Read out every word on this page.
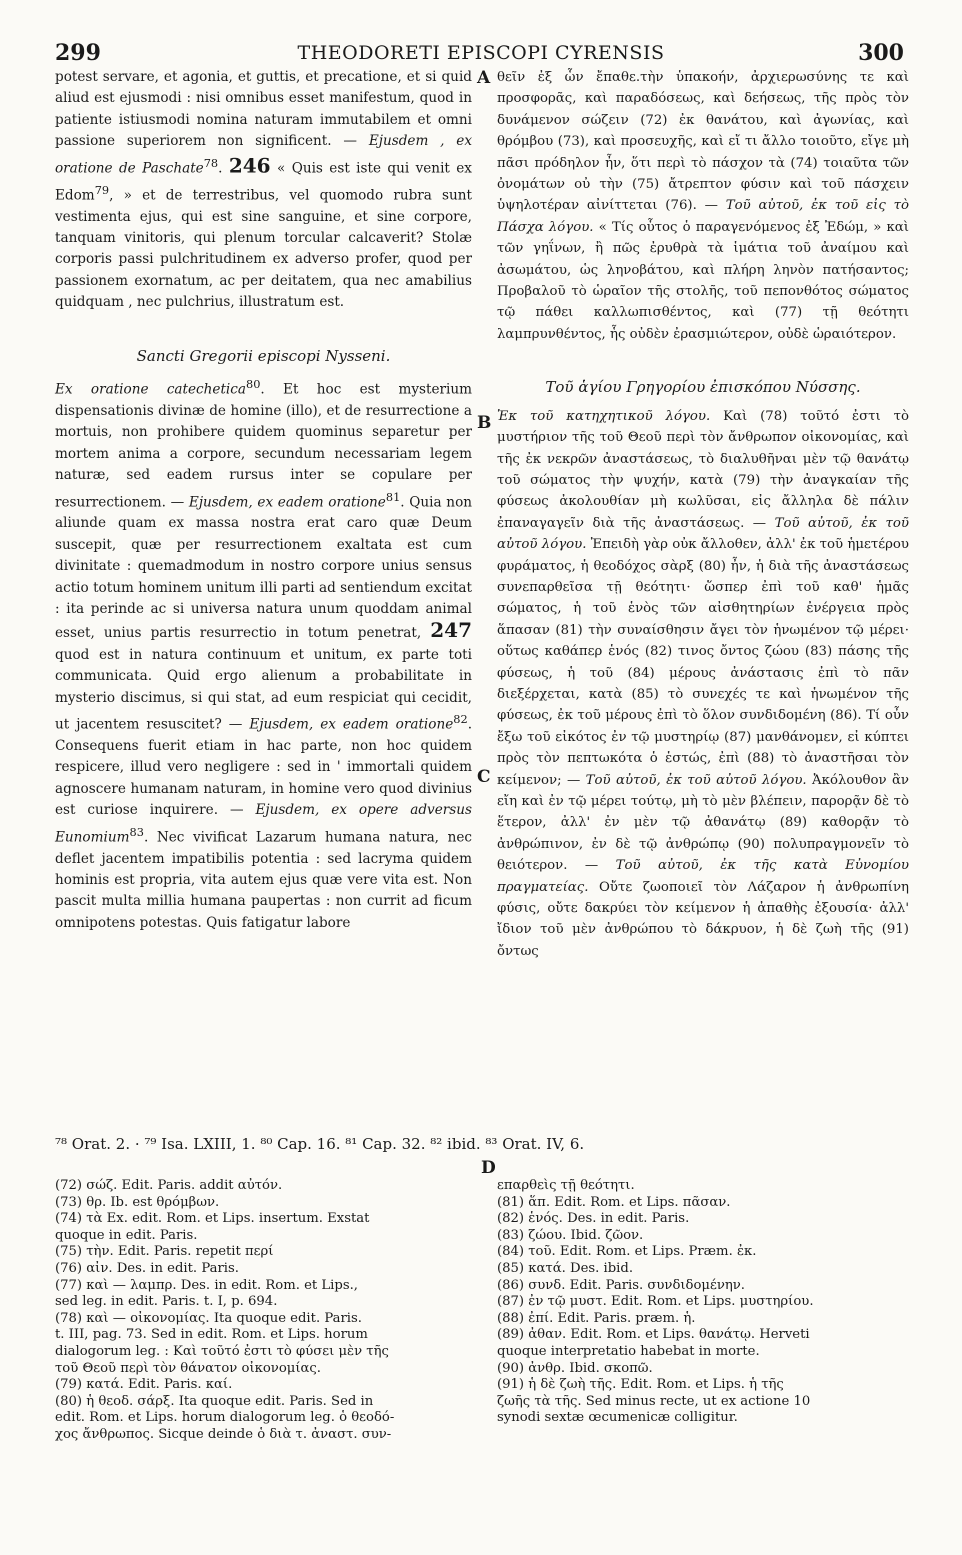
299	THEODORETI EPISCOPI CYRENSIS	300
A
B
C
D

potest servare, et agonia, et guttis, et precatione, et si quid aliud est ejusmodi : nisi omnibus esset manifestum, quod in patiente istiusmodi nomina naturam immutabilem et omni passione superiorem non significent. — Ejusdem , ex oratione de Paschate$^{78}$. 246 « Quis est iste qui venit ex Edom$^{79}$, » et de terrestribus, vel quomodo rubra sunt vestimenta ejus, qui est sine sanguine, et sine corpore, tanquam vinitoris, qui plenum torcular calcaverit? Stolæ corporis passi pulchritudinem ex adverso profer, quod per passionem exornatum, ac per deitatem, qua nec amabilius quidquam , nec pulchrius, illustratum est.

Sancti Gregorii episcopi Nysseni.

Ex oratione catechetica$^{80}$. Et hoc est mysterium dispensationis divinæ de homine (illo), et de resurrectione a mortuis, non prohibere quidem quominus separetur per mortem anima a corpore, secundum necessariam legem naturæ, sed eadem rursus inter se copulare per resurrectionem. — Ejusdem, ex eadem oratione$^{81}$. Quia non aliunde quam ex massa nostra erat caro quæ Deum suscepit, quæ per resurrectionem exaltata est cum divinitate : quemadmodum in nostro corpore unius sensus actio totum hominem unitum illi parti ad sentiendum excitat : ita perinde ac si universa natura unum quoddam animal esset, unius partis resurrectio in totum penetrat, 247 quod est in natura continuum et unitum, ex parte toti communicata. Quid ergo alienum a probabilitate in mysterio discimus, si qui stat, ad eum respiciat qui cecidit, ut jacentem resuscitet? — Ejusdem, ex eadem oratione$^{82}$. Consequens fuerit etiam in hac parte, non hoc quidem respicere, illud vero negligere : sed in ' immortali quidem agnoscere humanam naturam, in homine vero quod divinius est curiose inquirere. — Ejusdem, ex opere adversus Eunomium$^{83}$. Nec vivificat Lazarum humana natura, nec deflet jacentem impatibilis potentia : sed lacryma quidem hominis est propria, vita autem ejus quæ vere vita est. Non pascit multa millia humana paupertas : non currit ad ficum omnipotens potestas. Quis fatigatur labore

θεῖν ἐξ ὧν ἔπαθε.τὴν ὑπακοήν, ἀρχιερωσύνης τε καὶ προσφορᾶς, καὶ παραδόσεως, καὶ δεήσεως, τῆς πρὸς τὸν δυνάμενον σώζειν (72) ἐκ θανάτου, καὶ ἀγωνίας, καὶ θρόμβου (73), καὶ προσευχῆς, καὶ εἴ τι ἄλλο τοιοῦτο, εἴγε μὴ πᾶσι πρόδηλον ἦν, ὅτι περὶ τὸ πάσχον τὰ (74) τοιαῦτα τῶν ὀνομάτων οὐ τὴν (75) ἄτρεπτον φύσιν καὶ τοῦ πάσχειν ὑψηλοτέραν αἰνίττεται (76). — Τοῦ αὐτοῦ, ἐκ τοῦ εἰς τὸ Πάσχα λόγου. « Τίς οὗτος ὁ παραγενόμενος ἐξ Ἐδώμ, » καὶ τῶν γηΐνων, ἢ πῶς ἐρυθρὰ τὰ ἱμάτια τοῦ ἀναίμου καὶ ἀσωμάτου, ὡς ληνοβάτου, καὶ πλήρη ληνὸν πατήσαντος; Προβαλοῦ τὸ ὡραῖον τῆς στολῆς, τοῦ πεπονθότος σώματος τῷ πάθει καλλωπισθέντος, καὶ (77) τῇ θεότητι λαμπρυνθέντος, ἧς οὐδὲν ἐρασμιώτερον, οὐδὲ ὡραιότερον.

Τοῦ ἁγίου Γρηγορίου ἐπισκόπου Νύσσης.

Ἐκ τοῦ κατηχητικοῦ λόγου. Καὶ (78) τοῦτό ἐστι τὸ μυστήριον τῆς τοῦ Θεοῦ περὶ τὸν ἄνθρωπον οἰκονομίας, καὶ τῆς ἐκ νεκρῶν ἀναστάσεως, τὸ διαλυθῆναι μὲν τῷ θανάτῳ τοῦ σώματος τὴν ψυχήν, κατὰ (79) τὴν ἀναγκαίαν τῆς φύσεως ἀκολουθίαν μὴ κωλῦσαι, εἰς ἄλληλα δὲ πάλιν ἐπαναγαγεῖν διὰ τῆς ἀναστάσεως. — Τοῦ αὐτοῦ, ἐκ τοῦ αὐτοῦ λόγου. Ἐπειδὴ γὰρ οὐκ ἄλλοθεν, ἀλλ' ἐκ τοῦ ἡμετέρου φυράματος, ἡ θεοδόχος σὰρξ (80) ἦν, ἡ διὰ τῆς ἀναστάσεως συνεπαρθεῖσα τῇ θεότητι· ὥσπερ ἐπὶ τοῦ καθ' ἡμᾶς σώματος, ἡ τοῦ ἑνὸς τῶν αἰσθητηρίων ἐνέργεια πρὸς ἅπασαν (81) τὴν συναίσθησιν ἄγει τὸν ἡνωμένον τῷ μέρει· οὕτως καθάπερ ἑνός (82) τινος ὄντος ζώου (83) πάσης τῆς φύσεως, ἡ τοῦ (84) μέρους ἀνάστασις ἐπὶ τὸ πᾶν διεξέρχεται, κατὰ (85) τὸ συνεχές τε καὶ ἡνωμένον τῆς φύσεως, ἐκ τοῦ μέρους ἐπὶ τὸ ὅλον συνδιδομένη (86). Τί οὖν ἔξω τοῦ εἰκότος ἐν τῷ μυστηρίῳ (87) μανθάνομεν, εἰ κύπτει πρὸς τὸν πεπτωκότα ὁ ἑστώς, ἐπὶ (88) τὸ ἀναστῆσαι τὸν κείμενον; — Τοῦ αὐτοῦ, ἐκ τοῦ αὐτοῦ λόγου. Ἀκόλουθον ἂν εἴη καὶ ἐν τῷ μέρει τούτῳ, μὴ τὸ μὲν βλέπειν, παρορᾷν δὲ τὸ ἕτερον, ἀλλ' ἐν μὲν τῷ ἀθανάτῳ (89) καθορᾷν τὸ ἀνθρώπινον, ἐν δὲ τῷ ἀνθρώπῳ (90) πολυπραγμονεῖν τὸ θειότερον. — Τοῦ αὐτοῦ, ἐκ τῆς κατὰ Εὐνομίου πραγματείας. Οὔτε ζωοποιεῖ τὸν Λάζαρον ἡ ἀνθρωπίνη φύσις, οὔτε δακρύει τὸν κείμενον ἡ ἀπαθὴς ἐξουσία· ἀλλ' ἴδιον τοῦ μὲν ἀνθρώπου τὸ δάκρυον, ἡ δὲ ζωὴ τῆς (91) ὄντως

⁷⁸ Orat. 2. · ⁷⁹ Isa. LXIII, 1. ⁸⁰ Cap. 16. ⁸¹ Cap. 32. ⁸² ibid. ⁸³ Orat. IV, 6.
(72) σώζ. Edit. Paris. addit αὐτόν.
(73) θρ. Ib. est θρόμβων.
(74) τὰ Ex. edit. Rom. et Lips. insertum. Exstat
quoque in edit. Paris.
(75) τὴν. Edit. Paris. repetit περί
(76) αἰν. Des. in edit. Paris.
(77) καὶ — λαμπρ. Des. in edit. Rom. et Lips.,
sed leg. in edit. Paris. t. I, p. 694.
(78) καὶ — οἰκονομίας. Ita quoque edit. Paris.
t. III, pag. 73. Sed in edit. Rom. et Lips. horum
dialogorum leg. : Καὶ τοῦτό ἐστι τὸ φύσει μὲν τῆς
τοῦ Θεοῦ περὶ τὸν θάνατον οἰκονομίας.
(79) κατά. Edit. Paris. καί.
(80) ἡ θεοδ. σάρξ. Ita quoque edit. Paris. Sed in
edit. Rom. et Lips. horum dialogorum leg. ὁ θεοδό-
χος ἄνθρωπος. Sicque deinde ὁ διὰ τ. ἀναστ. συν-
επαρθεὶς τῇ θεότητι.
(81) ἅπ. Edit. Rom. et Lips. πᾶσαν.
(82) ἑνός. Des. in edit. Paris.
(83) ζώου. Ibid. ζῶον.
(84) τοῦ. Edit. Rom. et Lips. Præm. ἐκ.
(85) κατά. Des. ibid.
(86) συνδ. Edit. Paris. συνδιδομένην.
(87) ἐν τῷ μυστ. Edit. Rom. et Lips. μυστηρίου.
(88) ἐπί. Edit. Paris. præm. ἡ.
(89) ἀθαν. Edit. Rom. et Lips. θανάτῳ. Herveti
quoque interpretatio habebat in morte.
(90) ἀνθρ. Ibid. σκοπῶ.
(91) ἡ δὲ ζωὴ τῆς. Edit. Rom. et Lips. ἡ τῆς
ζωῆς τὰ τῆς. Sed minus recte, ut ex actione 10
synodi sextæ œcumenicæ colligitur.
